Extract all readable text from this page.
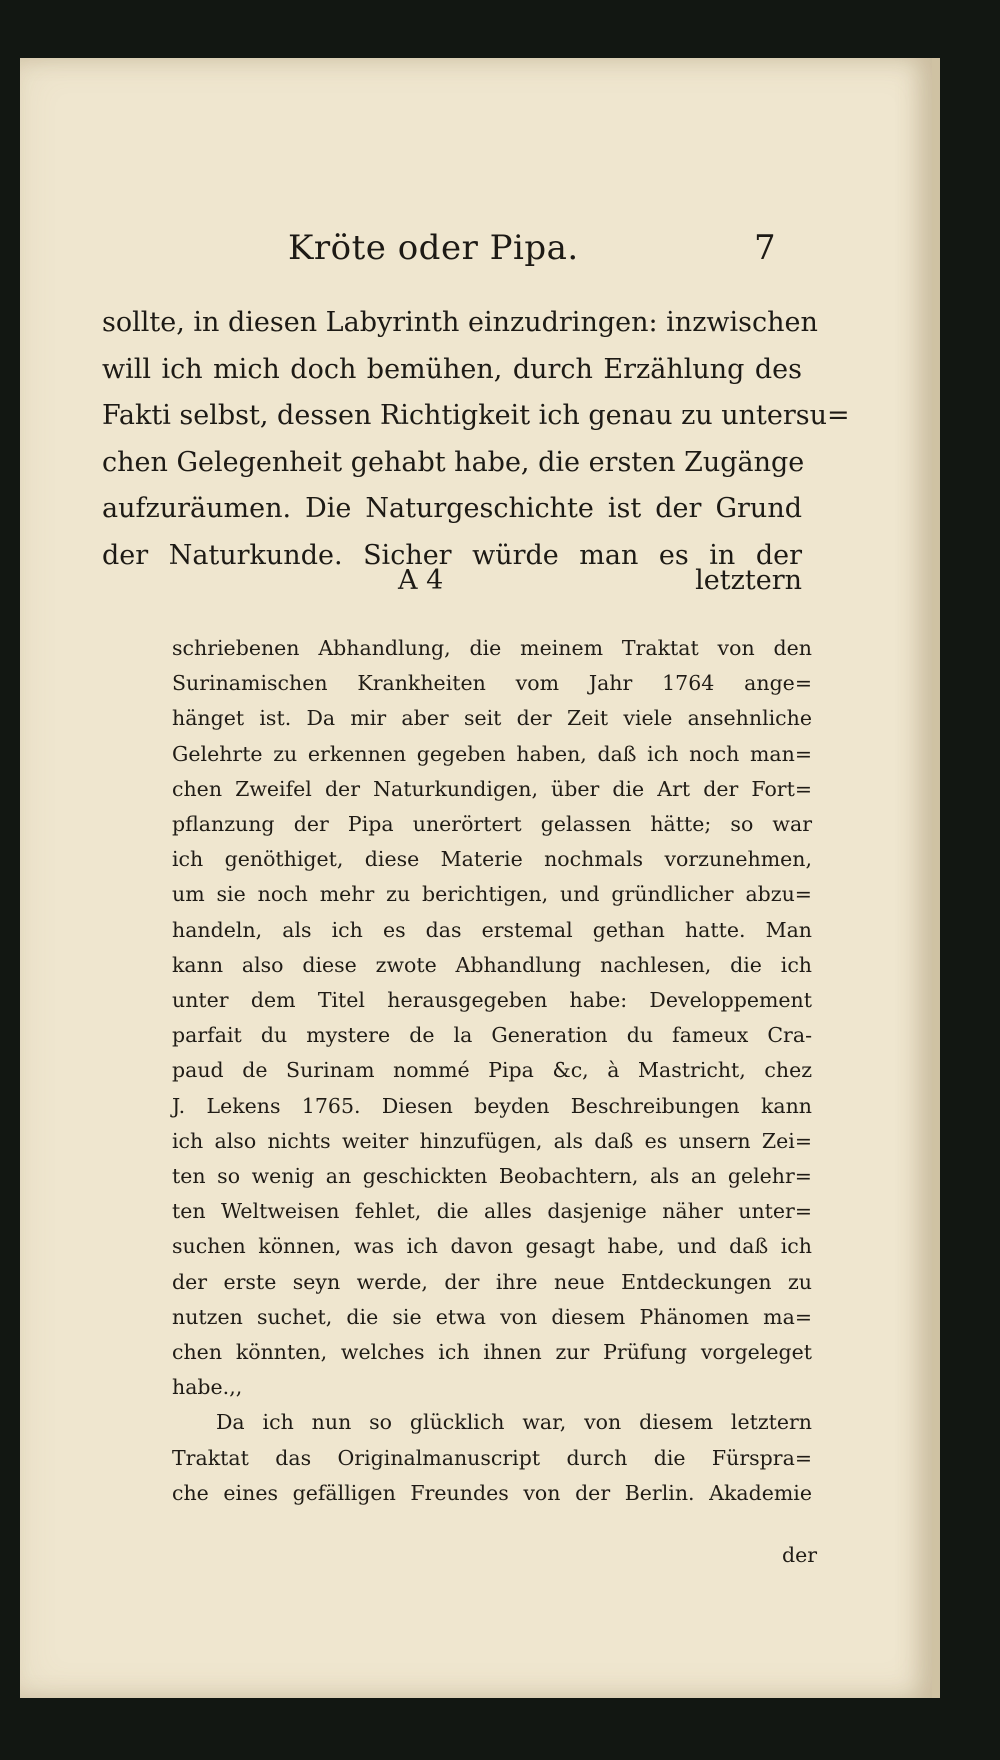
Kröte oder Pipa.	7
sollte, in diesen Labyrinth einzudringen: inzwischen
will ich mich doch bemühen, durch Erzählung des
Fakti selbst, dessen Richtigkeit ich genau zu untersu=
chen Gelegenheit gehabt habe, die ersten Zugänge
aufzuräumen. Die Naturgeschichte ist der Grund
der Naturkunde. Sicher würde man es in der
A 4	letztern
schriebenen Abhandlung, die meinem Traktat von den
Surinamischen Krankheiten vom Jahr 1764 ange=
hänget ist. Da mir aber seit der Zeit viele ansehnliche
Gelehrte zu erkennen gegeben haben, daß ich noch man=
chen Zweifel der Naturkundigen, über die Art der Fort=
pflanzung der Pipa unerörtert gelassen hätte; so war
ich genöthiget, diese Materie nochmals vorzunehmen,
um sie noch mehr zu berichtigen, und gründlicher abzu=
handeln, als ich es das erstemal gethan hatte. Man
kann also diese zwote Abhandlung nachlesen, die ich
unter dem Titel herausgegeben habe: Developpement
parfait du mystere de la Generation du fameux Cra-
paud de Surinam nommé Pipa &c, à Mastricht, chez
J. Lekens 1765. Diesen beyden Beschreibungen kann
ich also nichts weiter hinzufügen, als daß es unsern Zei=
ten so wenig an geschickten Beobachtern, als an gelehr=
ten Weltweisen fehlet, die alles dasjenige näher unter=
suchen können, was ich davon gesagt habe, und daß ich
der erste seyn werde, der ihre neue Entdeckungen zu
nutzen suchet, die sie etwa von diesem Phänomen ma=
chen könnten, welches ich ihnen zur Prüfung vorgeleget
habe.,,
Da ich nun so glücklich war, von diesem letztern
Traktat das Originalmanuscript durch die Fürspra=
che eines gefälligen Freundes von der Berlin. Akademie
der
